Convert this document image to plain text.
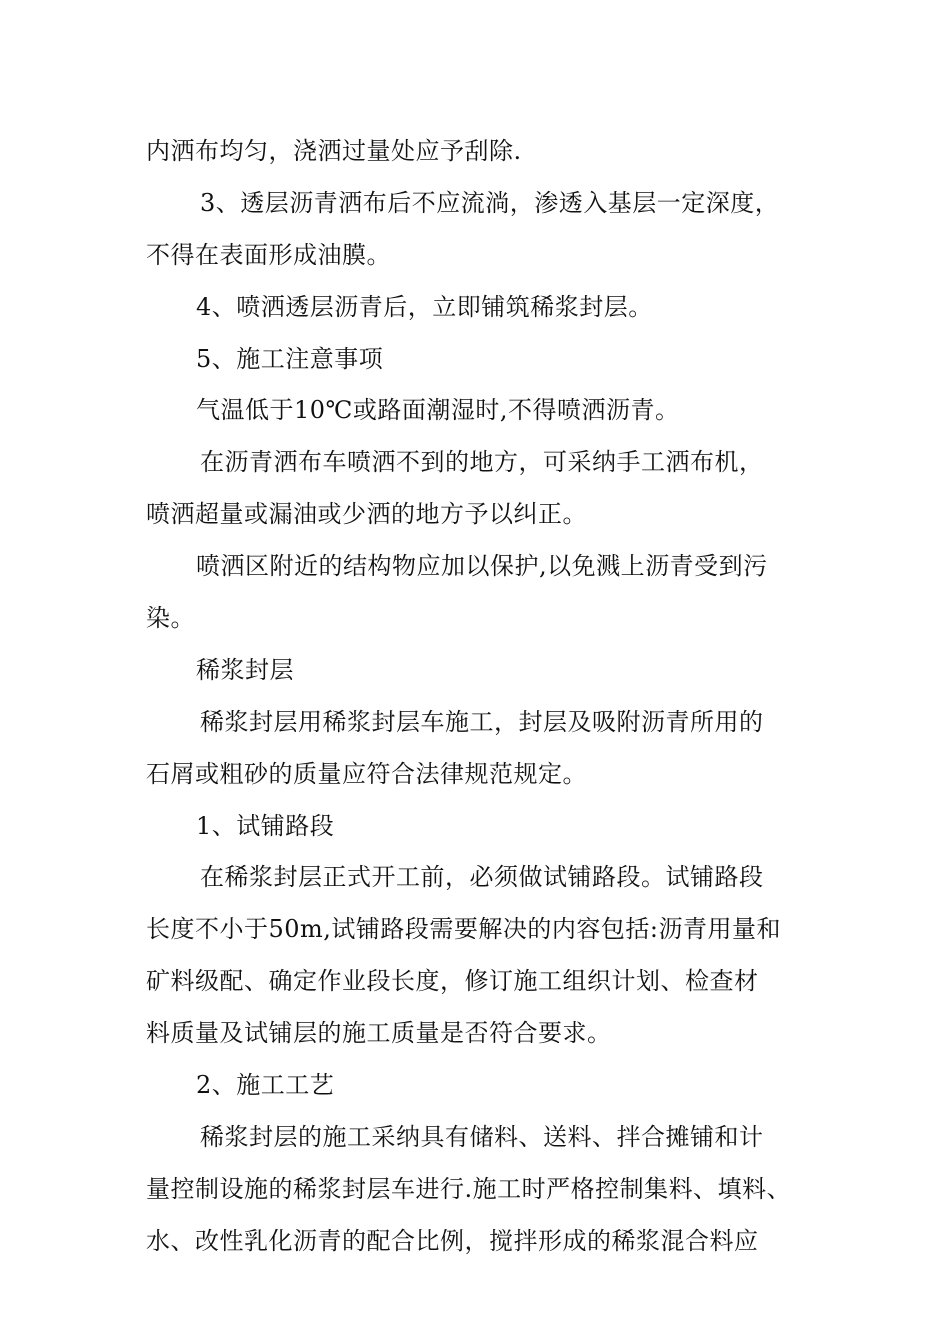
内洒布均匀，浇洒过量处应予刮除.

3、透层沥青洒布后不应流淌，渗透入基层一定深度，

不得在表面形成油膜。

4、喷洒透层沥青后，立即铺筑稀浆封层。

5、施工注意事项

气温低于10℃或路面潮湿时,不得喷洒沥青。

在沥青洒布车喷洒不到的地方，可采纳手工洒布机，

喷洒超量或漏油或少洒的地方予以纠正。

喷洒区附近的结构物应加以保护,以免溅上沥青受到污

染。

稀浆封层

稀浆封层用稀浆封层车施工，封层及吸附沥青所用的

石屑或粗砂的质量应符合法律规范规定。

1、试铺路段

在稀浆封层正式开工前，必须做试铺路段。试铺路段

长度不小于50m,试铺路段需要解决的内容包括:沥青用量和

矿料级配、确定作业段长度，修订施工组织计划、检查材

料质量及试铺层的施工质量是否符合要求。

2、施工工艺

稀浆封层的施工采纳具有储料、送料、拌合摊铺和计

量控制设施的稀浆封层车进行.施工时严格控制集料、填料、

水、改性乳化沥青的配合比例，搅拌形成的稀浆混合料应
